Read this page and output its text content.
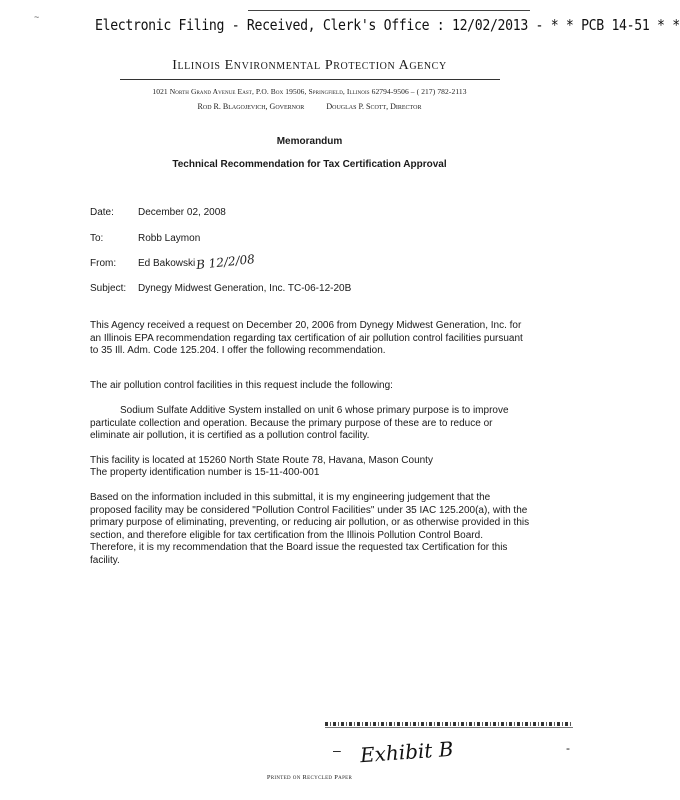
~	Electronic Filing - Received, Clerk's Office : 12/02/2013 - * * PCB 14-51 * *
Illinois Environmental Protection Agency
1021 North Grand Avenue East, P.O. Box 19506, Springfield, Illinois 62794-9506 – ( 217) 782-2113
Rod R. Blagojevich, Governor	Douglas P. Scott, Director
Memorandum
Technical Recommendation for Tax Certification Approval
Date: December 02, 2008
To:	Robb Laymon
From: Ed Bakowski B 12/2/08
Subject: Dynegy Midwest Generation, Inc. TC-06-12-20B
This Agency received a request on December 20, 2006 from Dynegy Midwest Generation, Inc. for an Illinois EPA recommendation regarding tax certification of air pollution control facilities pursuant to 35 Ill. Adm. Code 125.204. I offer the following recommendation.
The air pollution control facilities in this request include the following:
Sodium Sulfate Additive System installed on unit 6 whose primary purpose is to improve particulate collection and operation. Because the primary purpose of these are to reduce or eliminate air pollution, it is certified as a pollution control facility.
This facility is located at 15260 North State Route 78, Havana, Mason County
The property identification number is 15-11-400-001
Based on the information included in this submittal, it is my engineering judgement that the proposed facility may be considered "Pollution Control Facilities" under 35 IAC 125.200(a), with the primary purpose of eliminating, preventing, or reducing air pollution, or as otherwise provided in this section, and therefore eligible for tax certification from the Illinois Pollution Control Board. Therefore, it is my recommendation that the Board issue the requested tax Certification for this facility.
– Exhibit B	-
Printed on Recycled Paper
